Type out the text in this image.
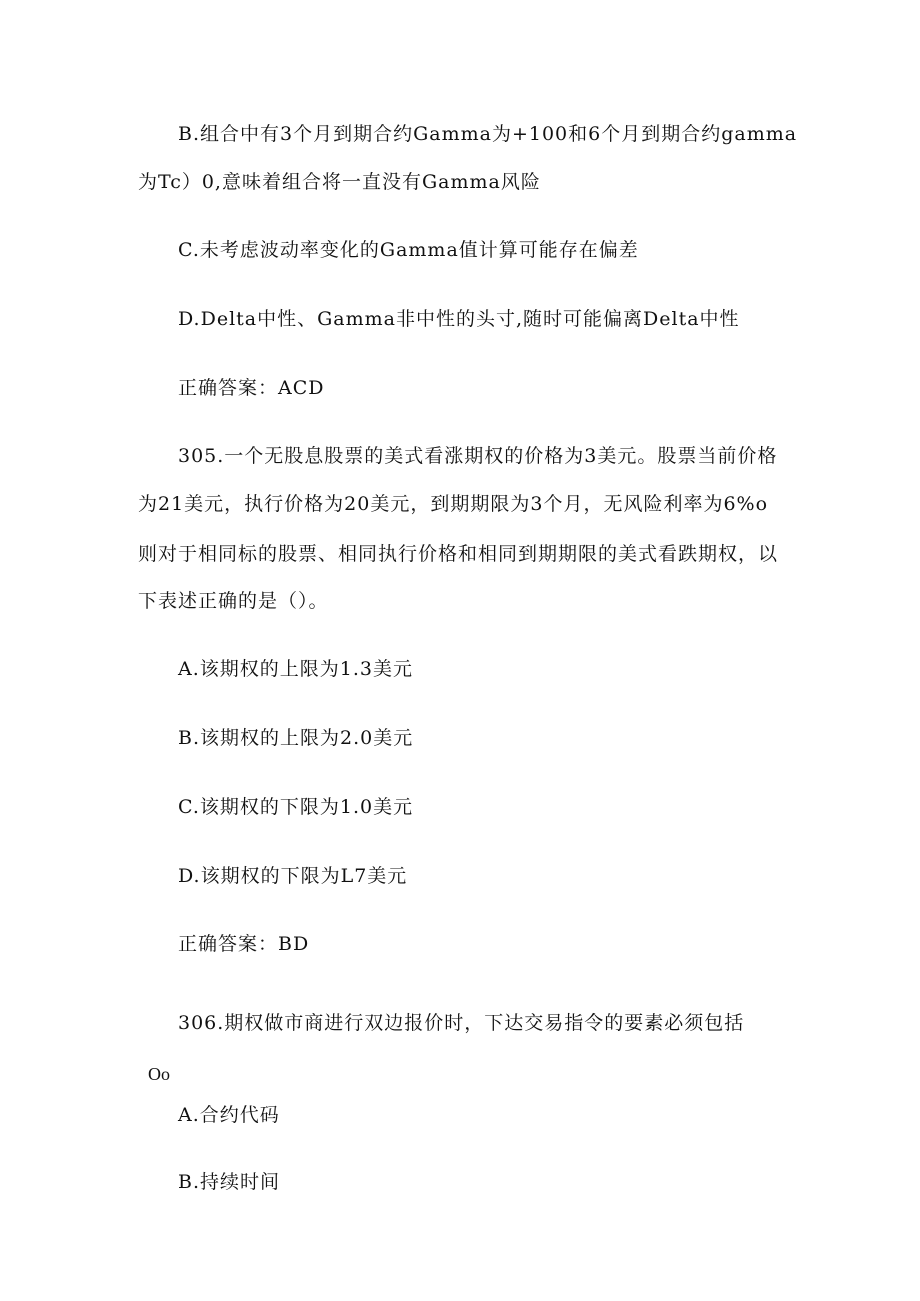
B.组合中有3个月到期合约Gamma为+100和6个月到期合约gamma
为Tc）0,意味着组合将一直没有Gamma风险
C.未考虑波动率变化的Gamma值计算可能存在偏差
D.Delta中性、Gamma非中性的头寸,随时可能偏离Delta中性
正确答案：ACD
305.一个无股息股票的美式看涨期权的价格为3美元。股票当前价格
为21美元，执行价格为20美元，到期期限为3个月，无风险利率为6%o
则对于相同标的股票、相同执行价格和相同到期期限的美式看跌期权，以
下表述正确的是（）。
A.该期权的上限为1.3美元
B.该期权的上限为2.0美元
C.该期权的下限为1.0美元
D.该期权的下限为L7美元
正确答案：BD
306.期权做市商进行双边报价时，下达交易指令的要素必须包括
Oo
A.合约代码
B.持续时间
